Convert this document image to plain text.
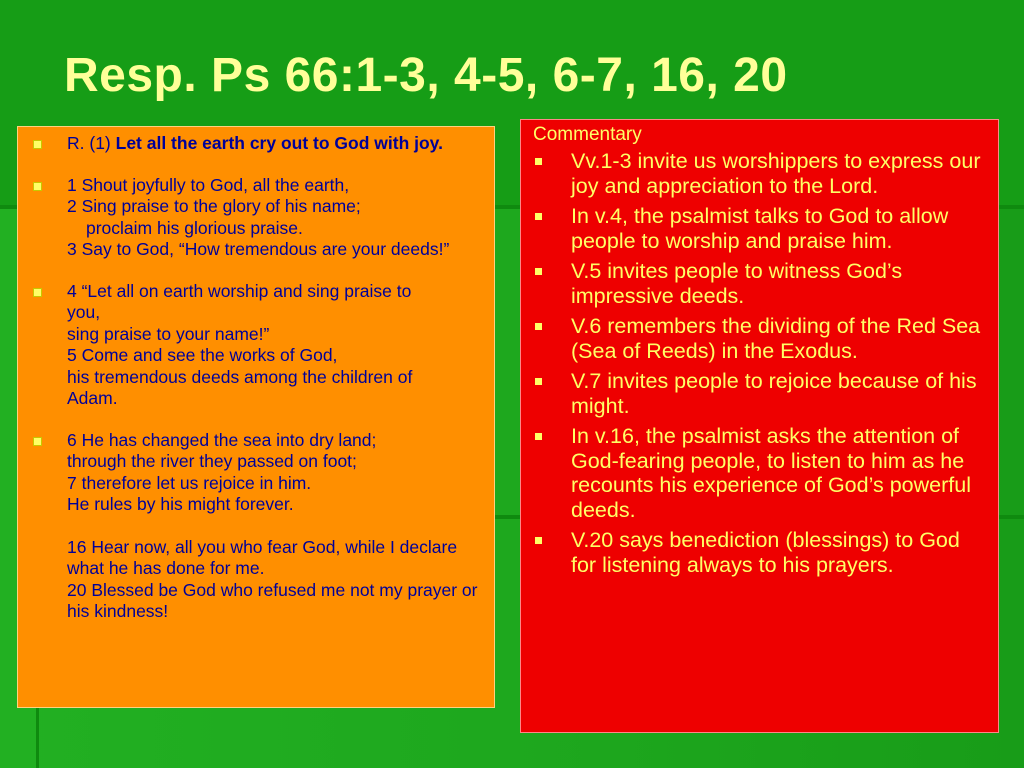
Resp. Ps 66:1-3, 4-5, 6-7, 16, 20
R. (1) Let all the earth cry out to God with joy.
1 Shout joyfully to God, all the earth,
2 Sing praise to the glory of his name;
proclaim his glorious praise.
3 Say to God, “How tremendous are your deeds!”
4 “Let all on earth worship and sing praise to you,
sing praise to your name!”
5 Come and see the works of God,
his tremendous deeds among the children of Adam.
6 He has changed the sea into dry land;
through the river they passed on foot;
7 therefore let us rejoice in him.
He rules by his might forever.
16 Hear now, all you who fear God, while I declare what he has done for me.
20 Blessed be God who refused me not my prayer or his kindness!
Commentary
Vv.1-3 invite us worshippers to express our joy and appreciation to the Lord.
In v.4, the psalmist talks to God to allow people to worship and praise him.
V.5 invites people to witness God’s impressive deeds.
V.6 remembers the dividing of the Red Sea (Sea of Reeds) in the Exodus.
V.7 invites people to rejoice because of his might.
In v.16, the psalmist asks the attention of God-fearing people, to listen to him as he recounts his experience of God’s powerful deeds.
V.20 says benediction (blessings) to God for listening always to his prayers.
